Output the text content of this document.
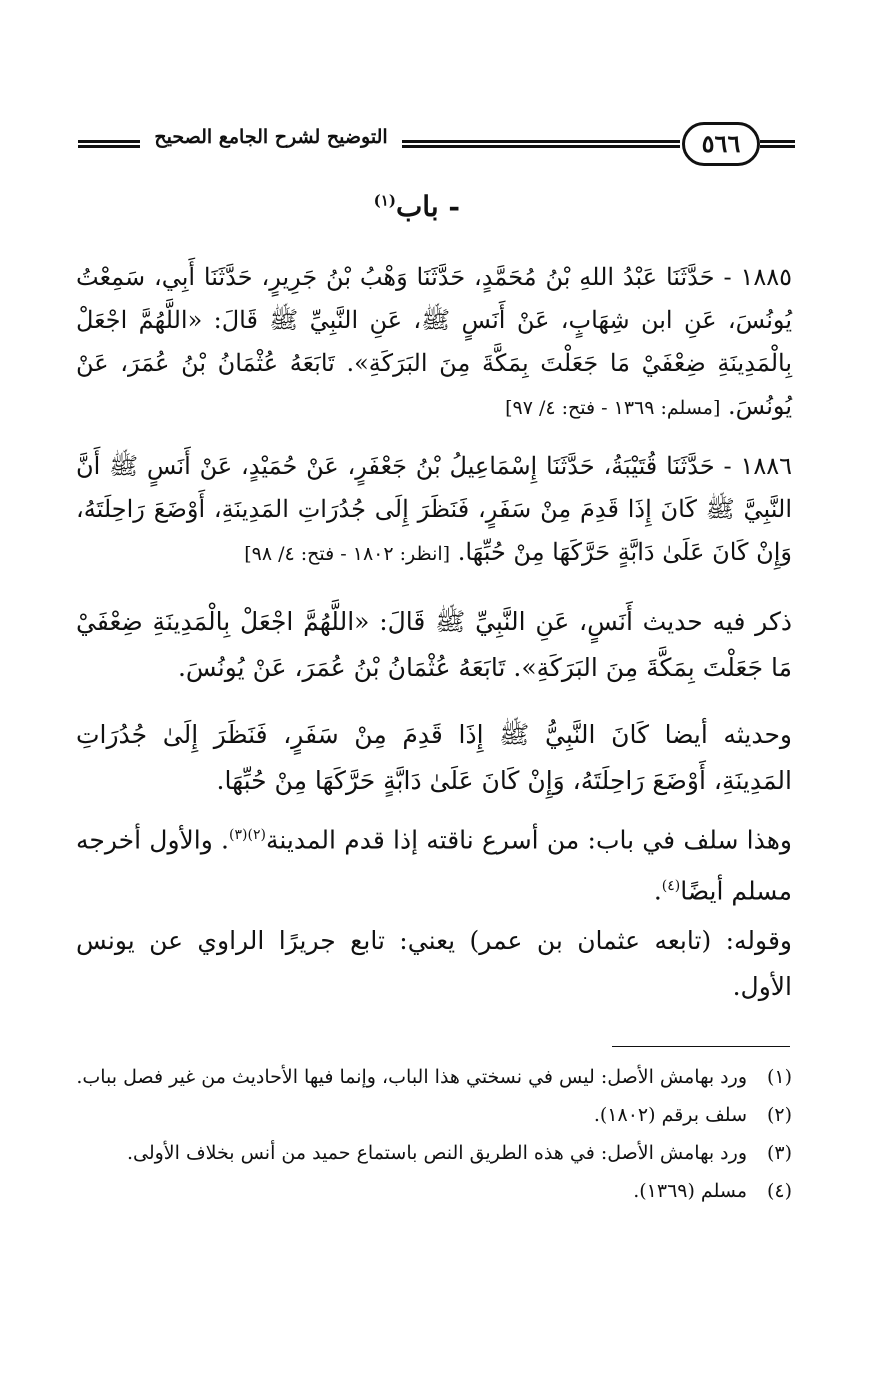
التوضيح لشرح الجامع الصحيح	٥٦٦
- باب$^{(١)}$
١٨٨٥ - حَدَّثَنَا عَبْدُ اللهِ بْنُ مُحَمَّدٍ، حَدَّثَنَا وَهْبُ بْنُ جَرِيرٍ، حَدَّثَنَا أَبِي، سَمِعْتُ يُونُسَ، عَنِ ابن شِهَابٍ، عَنْ أَنَسٍ ﷺ، عَنِ النَّبِيِّ ﷺ قَالَ: «اللَّهُمَّ اجْعَلْ بِالْمَدِينَةِ ضِعْفَيْ مَا جَعَلْتَ بِمَكَّةَ مِنَ البَرَكَةِ». تَابَعَهُ عُثْمَانُ بْنُ عُمَرَ، عَنْ يُونُسَ. [مسلم: ١٣٦٩ - فتح: ٤/ ٩٧]
١٨٨٦ - حَدَّثَنَا قُتَيْبَةُ، حَدَّثَنَا إِسْمَاعِيلُ بْنُ جَعْفَرٍ، عَنْ حُمَيْدٍ، عَنْ أَنَسٍ ﷺ أَنَّ النَّبِيَّ ﷺ كَانَ إِذَا قَدِمَ مِنْ سَفَرٍ، فَنَظَرَ إِلَى جُدُرَاتِ المَدِينَةِ، أَوْضَعَ رَاحِلَتَهُ، وَإِنْ كَانَ عَلَىٰ دَابَّةٍ حَرَّكَهَا مِنْ حُبِّهَا. [انظر: ١٨٠٢ - فتح: ٤/ ٩٨]
ذكر فيه حديث أَنَسٍ، عَنِ النَّبِيِّ ﷺ قَالَ: «اللَّهُمَّ اجْعَلْ بِالْمَدِينَةِ ضِعْفَيْ مَا جَعَلْتَ بِمَكَّةَ مِنَ البَرَكَةِ». تَابَعَهُ عُثْمَانُ بْنُ عُمَرَ، عَنْ يُونُسَ.
وحديثه أيضا كَانَ النَّبِيُّ ﷺ إِذَا قَدِمَ مِنْ سَفَرٍ، فَنَظَرَ إِلَىٰ جُدُرَاتِ المَدِينَةِ، أَوْضَعَ رَاحِلَتَهُ، وَإِنْ كَانَ عَلَىٰ دَابَّةٍ حَرَّكَهَا مِنْ حُبِّهَا.
وهذا سلف في باب: من أسرع ناقته إذا قدم المدينة$^{(٢)(٣)}$. والأول أخرجه مسلم أيضًا$^{(٤)}$.
وقوله: (تابعه عثمان بن عمر) يعني: تابع جريرًا الراوي عن يونس الأول.
(١)
ورد بهامش الأصل: ليس في نسختي هذا الباب، وإنما فيها الأحاديث من غير فصل بباب.
(٢)
سلف برقم (١٨٠٢).
(٣)
ورد بهامش الأصل: في هذه الطريق النص باستماع حميد من أنس بخلاف الأولى.
(٤)
مسلم (١٣٦٩).
